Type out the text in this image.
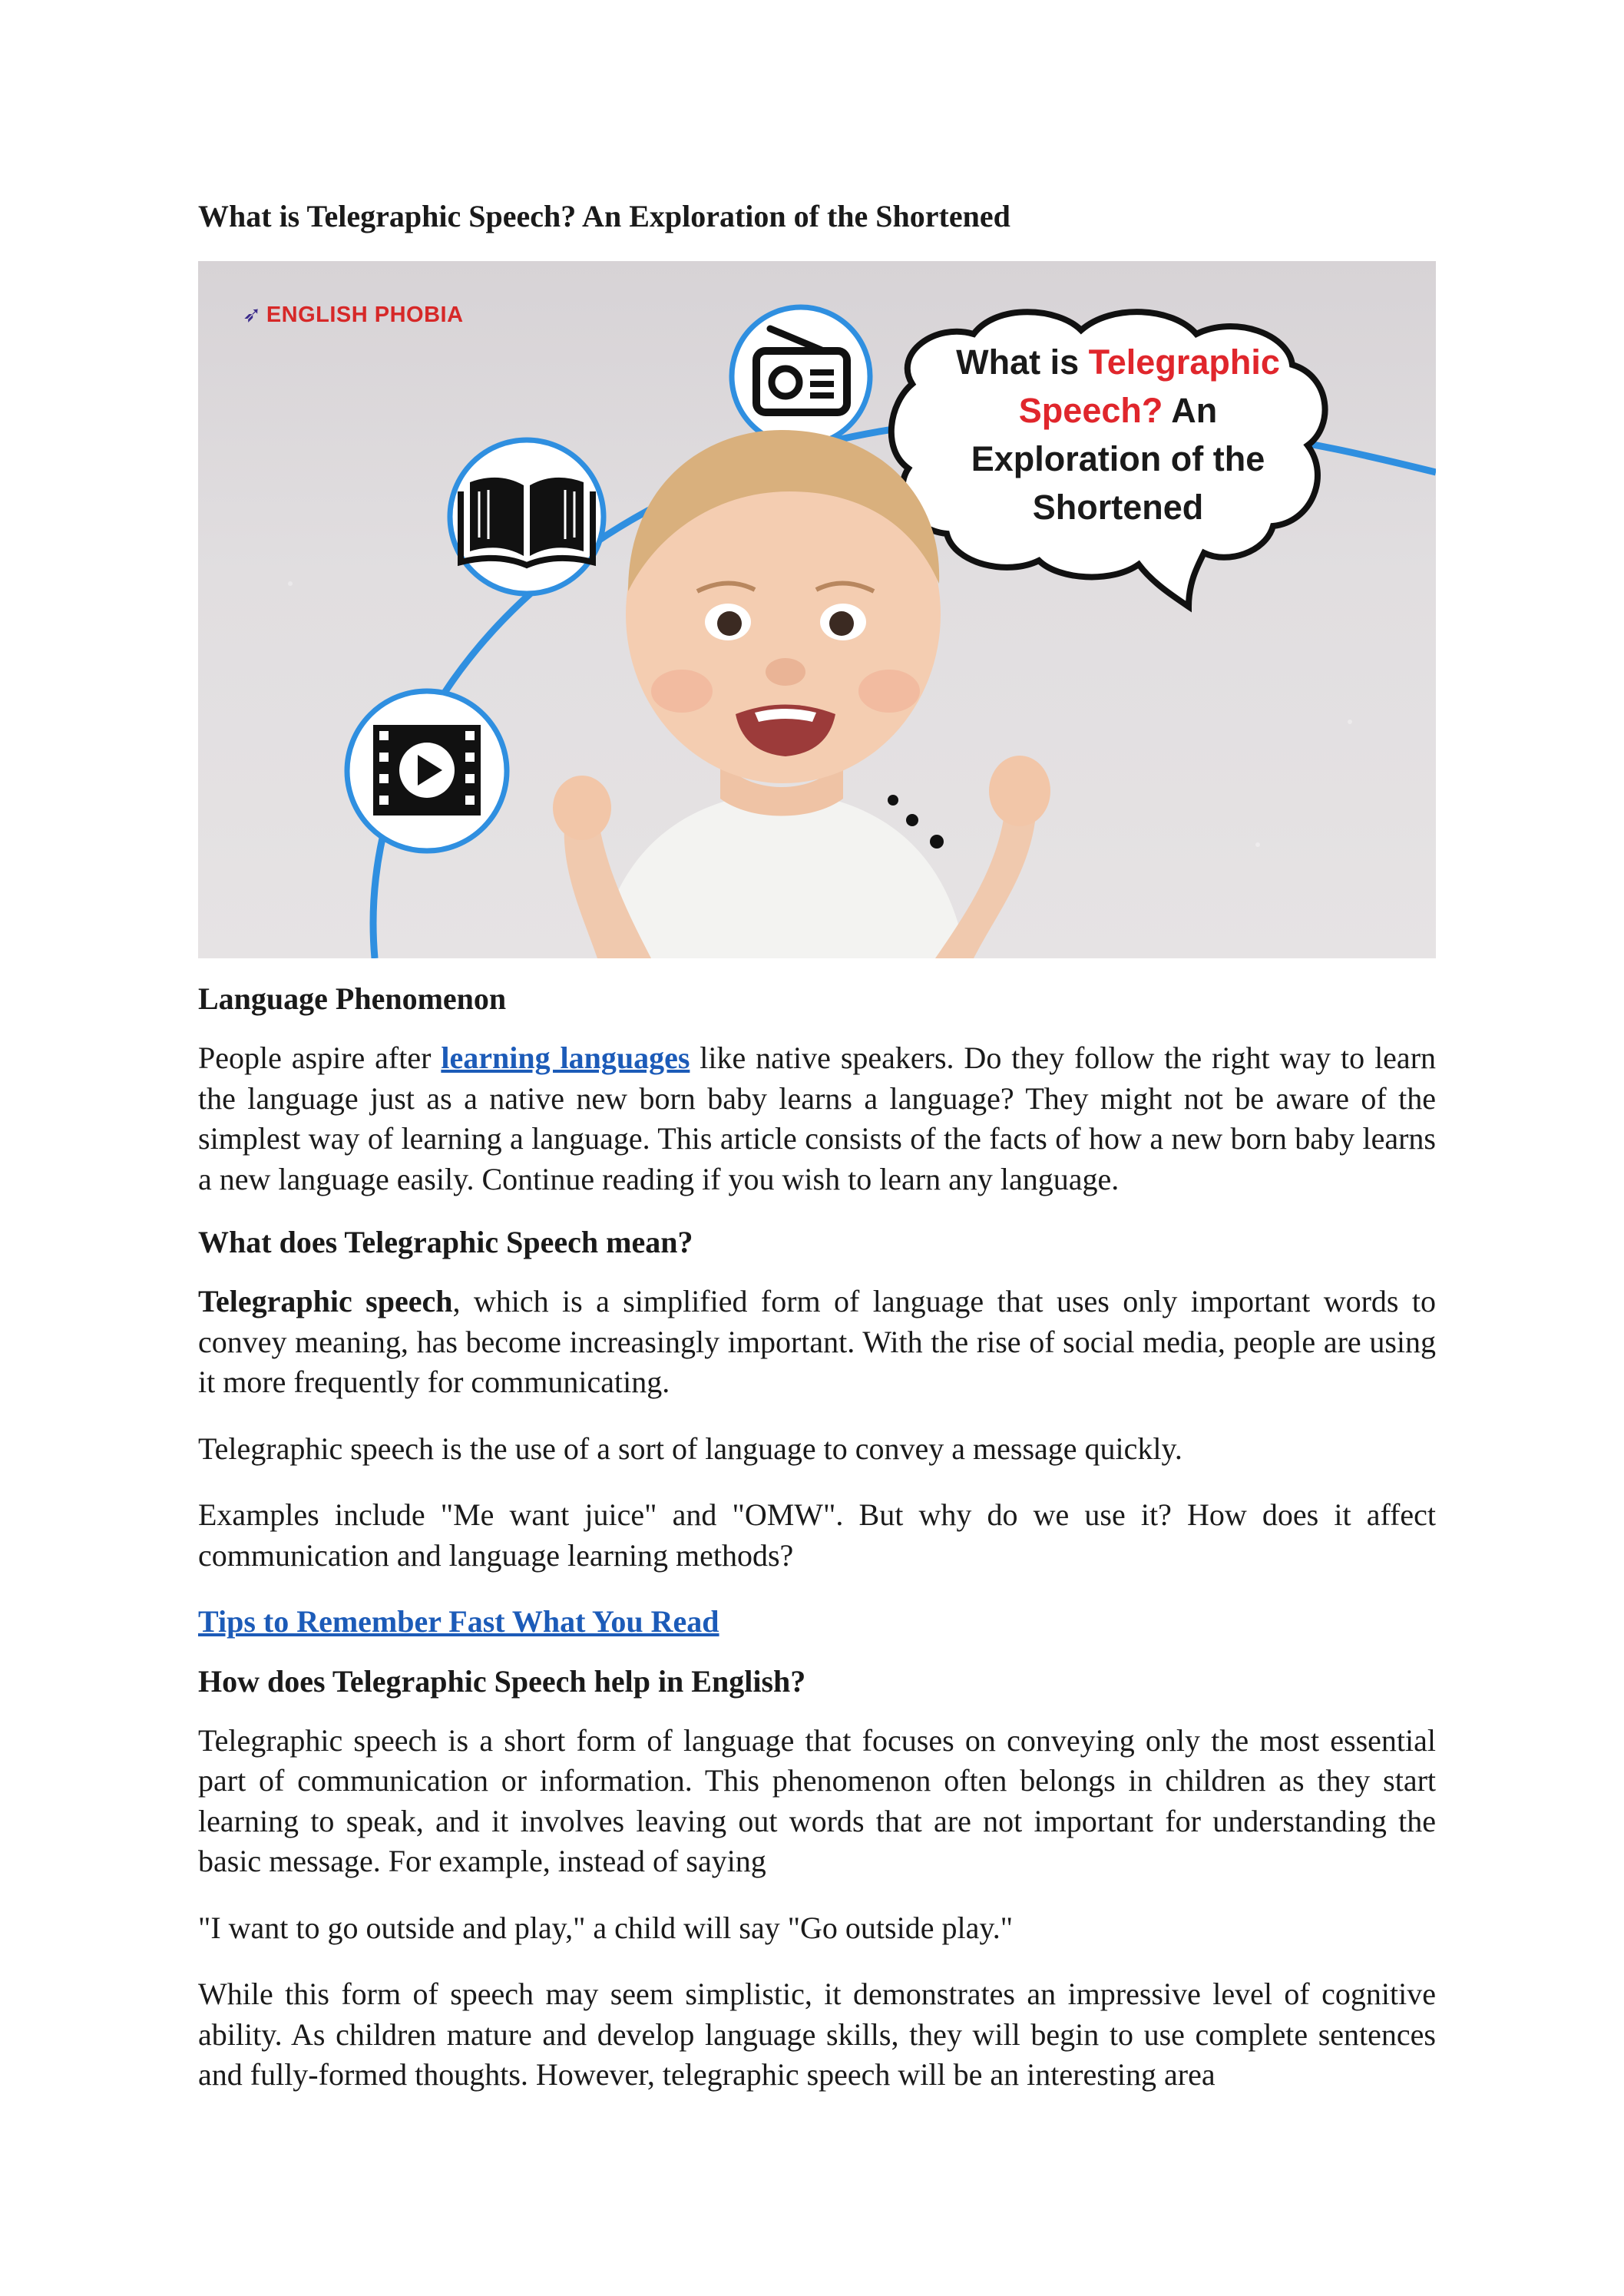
What is Telegraphic Speech? An Exploration of the Shortened
➶ ENGLISH PHOBIA
What is Telegraphic
Speech? An
Exploration of the
Shortened
Language Phenomenon

People aspire after learning languages like native speakers. Do they follow the right way to learn the language just as a native new born baby learns a language? They might not be aware of the simplest way of learning a language. This article consists of the facts of how a new born baby learns a new language easily. Continue reading if you wish to learn any language.

What does Telegraphic Speech mean?

Telegraphic speech, which is a simplified form of language that uses only important words to convey meaning, has become increasingly important. With the rise of social media, people are using it more frequently for communicating.

Telegraphic speech is the use of a sort of language to convey a message quickly.

Examples include "Me want juice" and "OMW". But why do we use it? How does it affect communication and language learning methods?

Tips to Remember Fast What You Read

How does Telegraphic Speech help in English?

Telegraphic speech is a short form of language that focuses on conveying only the most essential part of communication or information. This phenomenon often belongs in children as they start learning to speak, and it involves leaving out words that are not important for understanding the basic message. For example, instead of saying

"I want to go outside and play," a child will say "Go outside play."

While this form of speech may seem simplistic, it demonstrates an impressive level of cognitive ability. As children mature and develop language skills, they will begin to use complete sentences and fully-formed thoughts. However, telegraphic speech will be an interesting area
